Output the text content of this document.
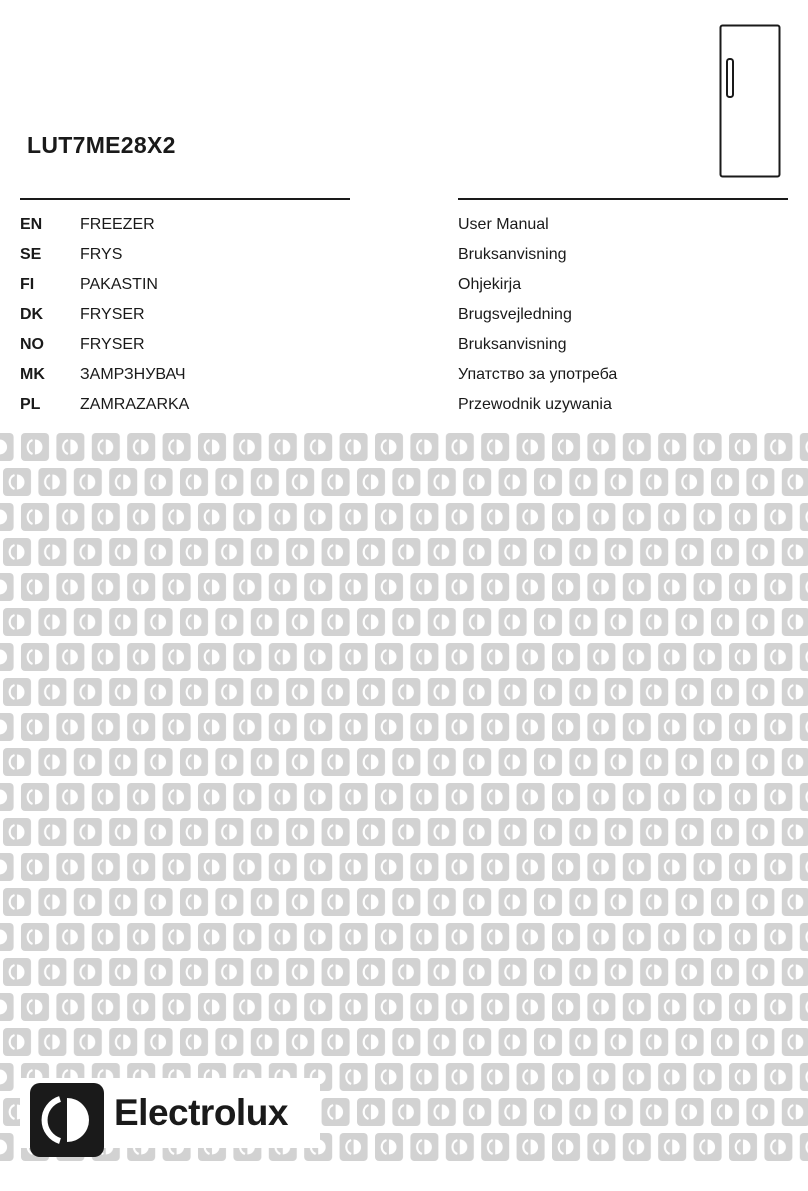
LUT7ME28X2
EN FREEZER	User Manual
SE FRYS	Bruksanvisning
FI	PAKASTIN	Ohjekirja
DK FRYSER	Brugsvejledning
NO FRYSER	Bruksanvisning
MK ЗАМРЗНУВАЧ	Упатство за употреба
PL ZAMRAZARKA	Przewodnik uzywania
Electrolux
